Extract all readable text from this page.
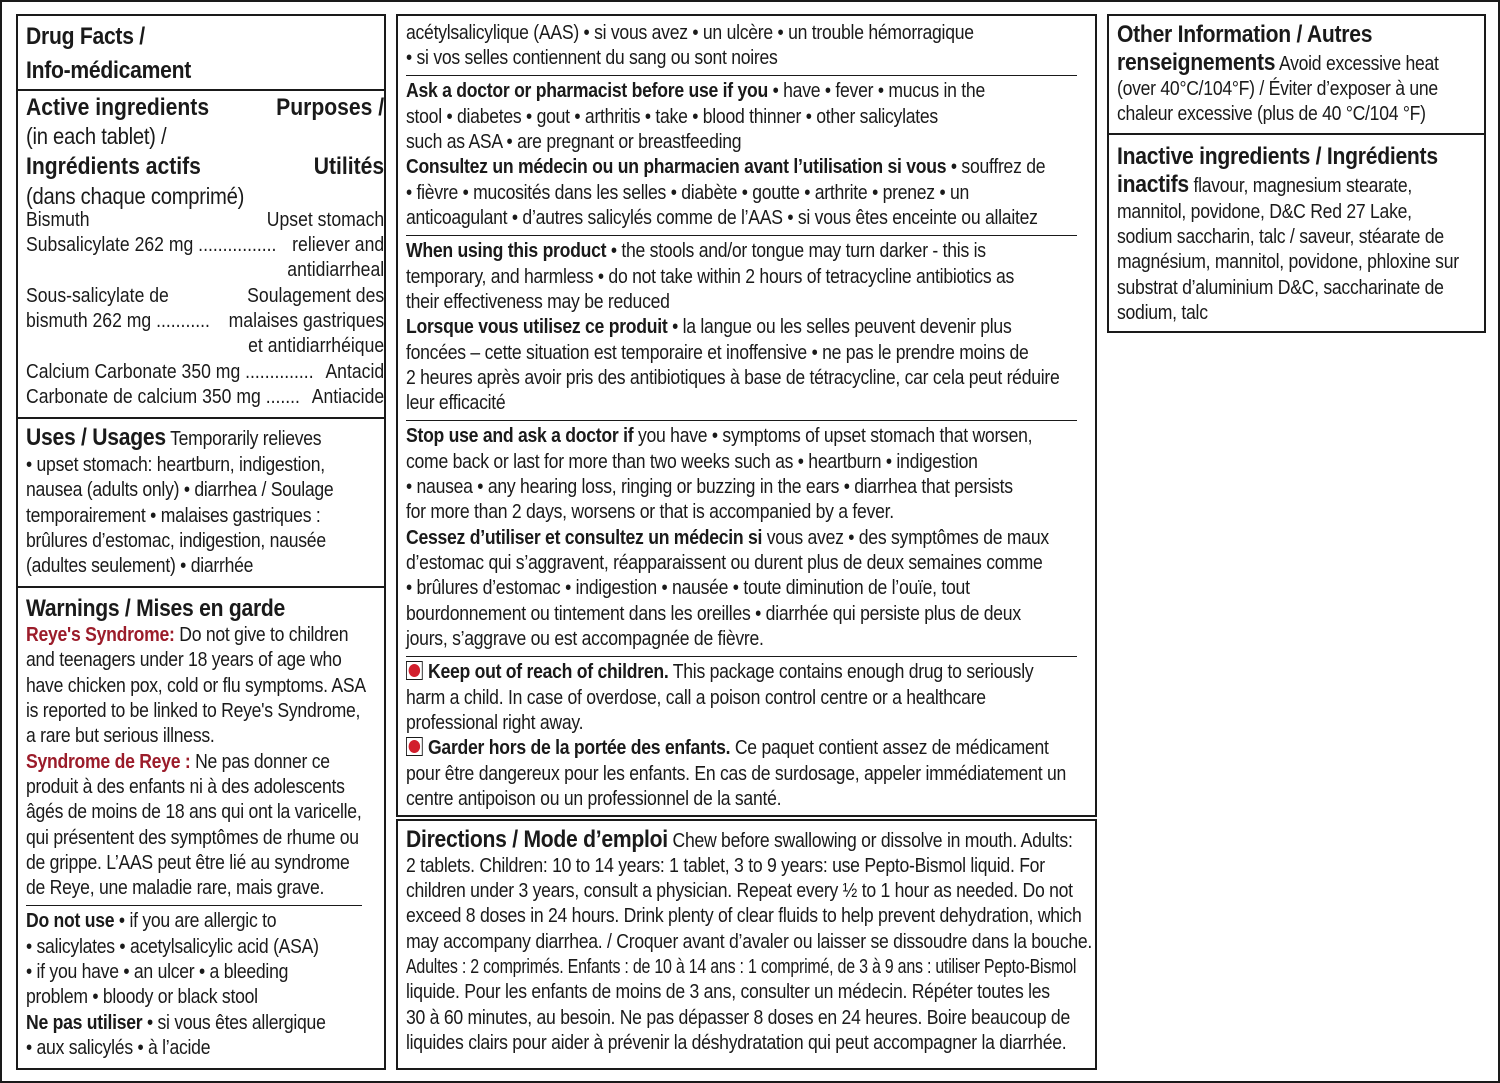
Drug Facts /
Info-médicament
Active ingredients	Purposes /
(in each tablet) /
Ingrédients actifs	Utilités
(dans chaque comprimé)
Bismuth	Upset stomach
Subsalicylate 262 mg ................ reliever and
antidiarrheal
Sous-salicylate de	Soulagement des
bismuth 262 mg ........... malaises gastriques
et antidiarrhéique
Calcium Carbonate 350 mg .............. Antacid
Carbonate de calcium 350 mg ....... Antiacide
Uses / Usages Temporarily relieves
• upset stomach: heartburn, indigestion,
nausea (adults only) • diarrhea / Soulage
temporairement • malaises gastriques :
brûlures d’estomac, indigestion, nausée
(adultes seulement) • diarrhée
Warnings / Mises en garde
Reye's Syndrome: Do not give to children
and teenagers under 18 years of age who
have chicken pox, cold or flu symptoms. ASA
is reported to be linked to Reye's Syndrome,
a rare but serious illness.
Syndrome de Reye : Ne pas donner ce
produit à des enfants ni à des adolescents
âgés de moins de 18 ans qui ont la varicelle,
qui présentent des symptômes de rhume ou
de grippe. L’AAS peut être lié au syndrome
de Reye, une maladie rare, mais grave.
Do not use • if you are allergic to
• salicylates • acetylsalicylic acid (ASA)
• if you have • an ulcer • a bleeding
problem • bloody or black stool
Ne pas utiliser • si vous êtes allergique
• aux salicylés • à l’acide
acétylsalicylique (AAS) • si vous avez • un ulcère • un trouble hémorragique
• si vos selles contiennent du sang ou sont noires
Ask a doctor or pharmacist before use if you • have • fever • mucus in the
stool • diabetes • gout • arthritis • take • blood thinner • other salicylates
such as ASA • are pregnant or breastfeeding
Consultez un médecin ou un pharmacien avant l’utilisation si vous • souffrez de
• fièvre • mucosités dans les selles • diabète • goutte • arthrite • prenez • un
anticoagulant • d’autres salicylés comme de l’AAS • si vous êtes enceinte ou allaitez
When using this product • the stools and/or tongue may turn darker - this is
temporary, and harmless • do not take within 2 hours of tetracycline antibiotics as
their effectiveness may be reduced
Lorsque vous utilisez ce produit • la langue ou les selles peuvent devenir plus
foncées – cette situation est temporaire et inoffensive • ne pas le prendre moins de
2 heures après avoir pris des antibiotiques à base de tétracycline, car cela peut réduire
leur efficacité
Stop use and ask a doctor if you have • symptoms of upset stomach that worsen,
come back or last for more than two weeks such as • heartburn • indigestion
• nausea • any hearing loss, ringing or buzzing in the ears • diarrhea that persists
for more than 2 days, worsens or that is accompanied by a fever.
Cessez d’utiliser et consultez un médecin si vous avez • des symptômes de maux
d’estomac qui s’aggravent, réapparaissent ou durent plus de deux semaines comme
• brûlures d’estomac • indigestion • nausée • toute diminution de l’ouïe, tout
bourdonnement ou tintement dans les oreilles • diarrhée qui persiste plus de deux
jours, s’aggrave ou est accompagnée de fièvre.
Keep out of reach of children. This package contains enough drug to seriously
harm a child. In case of overdose, call a poison control centre or a healthcare
professional right away.
Garder hors de la portée des enfants. Ce paquet contient assez de médicament
pour être dangereux pour les enfants. En cas de surdosage, appeler immédiatement un
centre antipoison ou un professionnel de la santé.
Directions / Mode d’emploi Chew before swallowing or dissolve in mouth. Adults:
2 tablets. Children: 10 to 14 years: 1 tablet, 3 to 9 years: use Pepto-Bismol liquid. For
children under 3 years, consult a physician. Repeat every ½ to 1 hour as needed. Do not
exceed 8 doses in 24 hours. Drink plenty of clear fluids to help prevent dehydration, which
may accompany diarrhea. / Croquer avant d’avaler ou laisser se dissoudre dans la bouche.
Adultes : 2 comprimés. Enfants : de 10 à 14 ans : 1 comprimé, de 3 à 9 ans : utiliser Pepto-Bismol
liquide. Pour les enfants de moins de 3 ans, consulter un médecin. Répéter toutes les
30 à 60 minutes, au besoin. Ne pas dépasser 8 doses en 24 heures. Boire beaucoup de
liquides clairs pour aider à prévenir la déshydratation qui peut accompagner la diarrhée.
Other Information / Autres
renseignements Avoid excessive heat
(over 40°C/104°F) / Éviter d’exposer à une
chaleur excessive (plus de 40 °C/104 °F)
Inactive ingredients / Ingrédients
inactifs flavour, magnesium stearate,
mannitol, povidone, D&C Red 27 Lake,
sodium saccharin, talc / saveur, stéarate de
magnésium, mannitol, povidone, phloxine sur
substrat d’aluminium D&C, saccharinate de
sodium, talc
